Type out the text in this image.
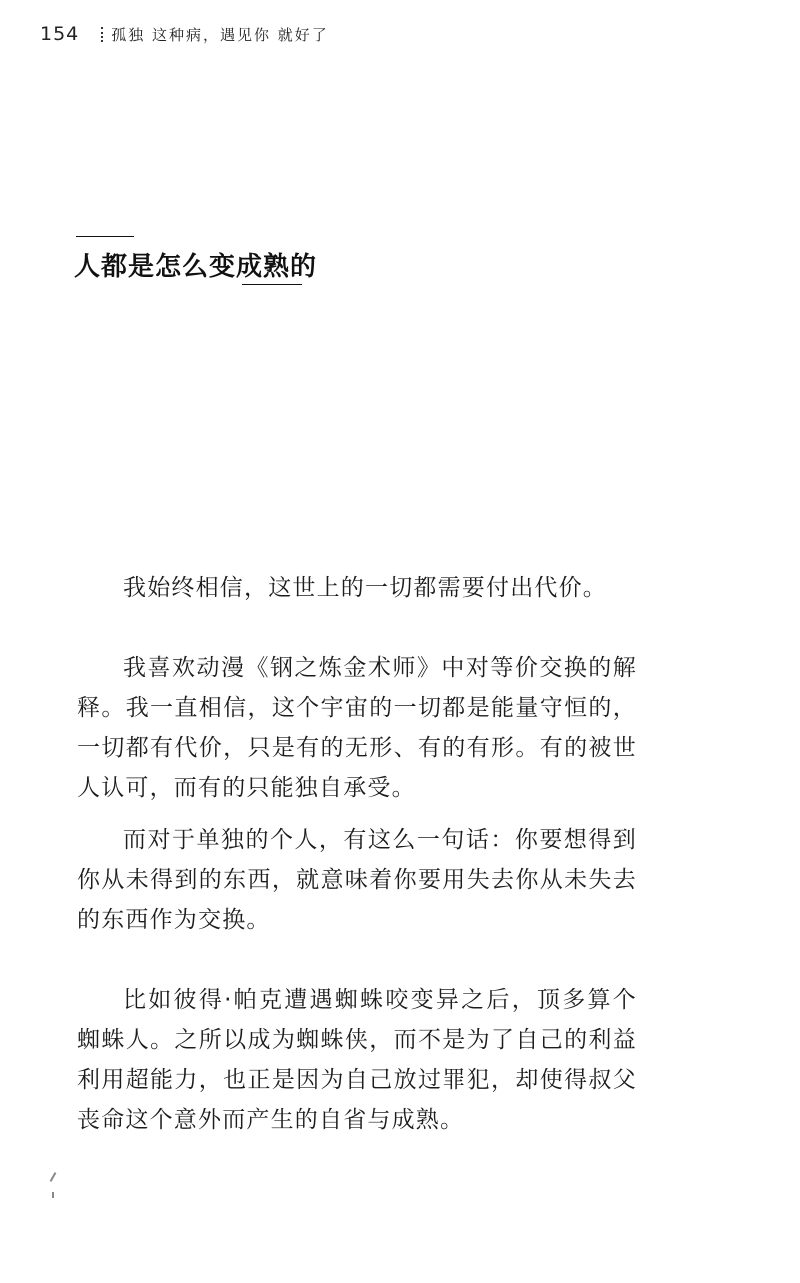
154 孤独 这种病，遇见你 就好了
人都是怎么变成熟的

我始终相信，这世上的一切都需要付出代价。

我喜欢动漫《钢之炼金术师》中对等价交换的解释。我一直相信，这个宇宙的一切都是能量守恒的，一切都有代价，只是有的无形、有的有形。有的被世人认可，而有的只能独自承受。

而对于单独的个人，有这么一句话：你要想得到你从未得到的东西，就意味着你要用失去你从未失去的东西作为交换。

比如彼得·帕克遭遇蜘蛛咬变异之后，顶多算个蜘蛛人。之所以成为蜘蛛侠，而不是为了自己的利益利用超能力，也正是因为自己放过罪犯，却使得叔父丧命这个意外而产生的自省与成熟。
